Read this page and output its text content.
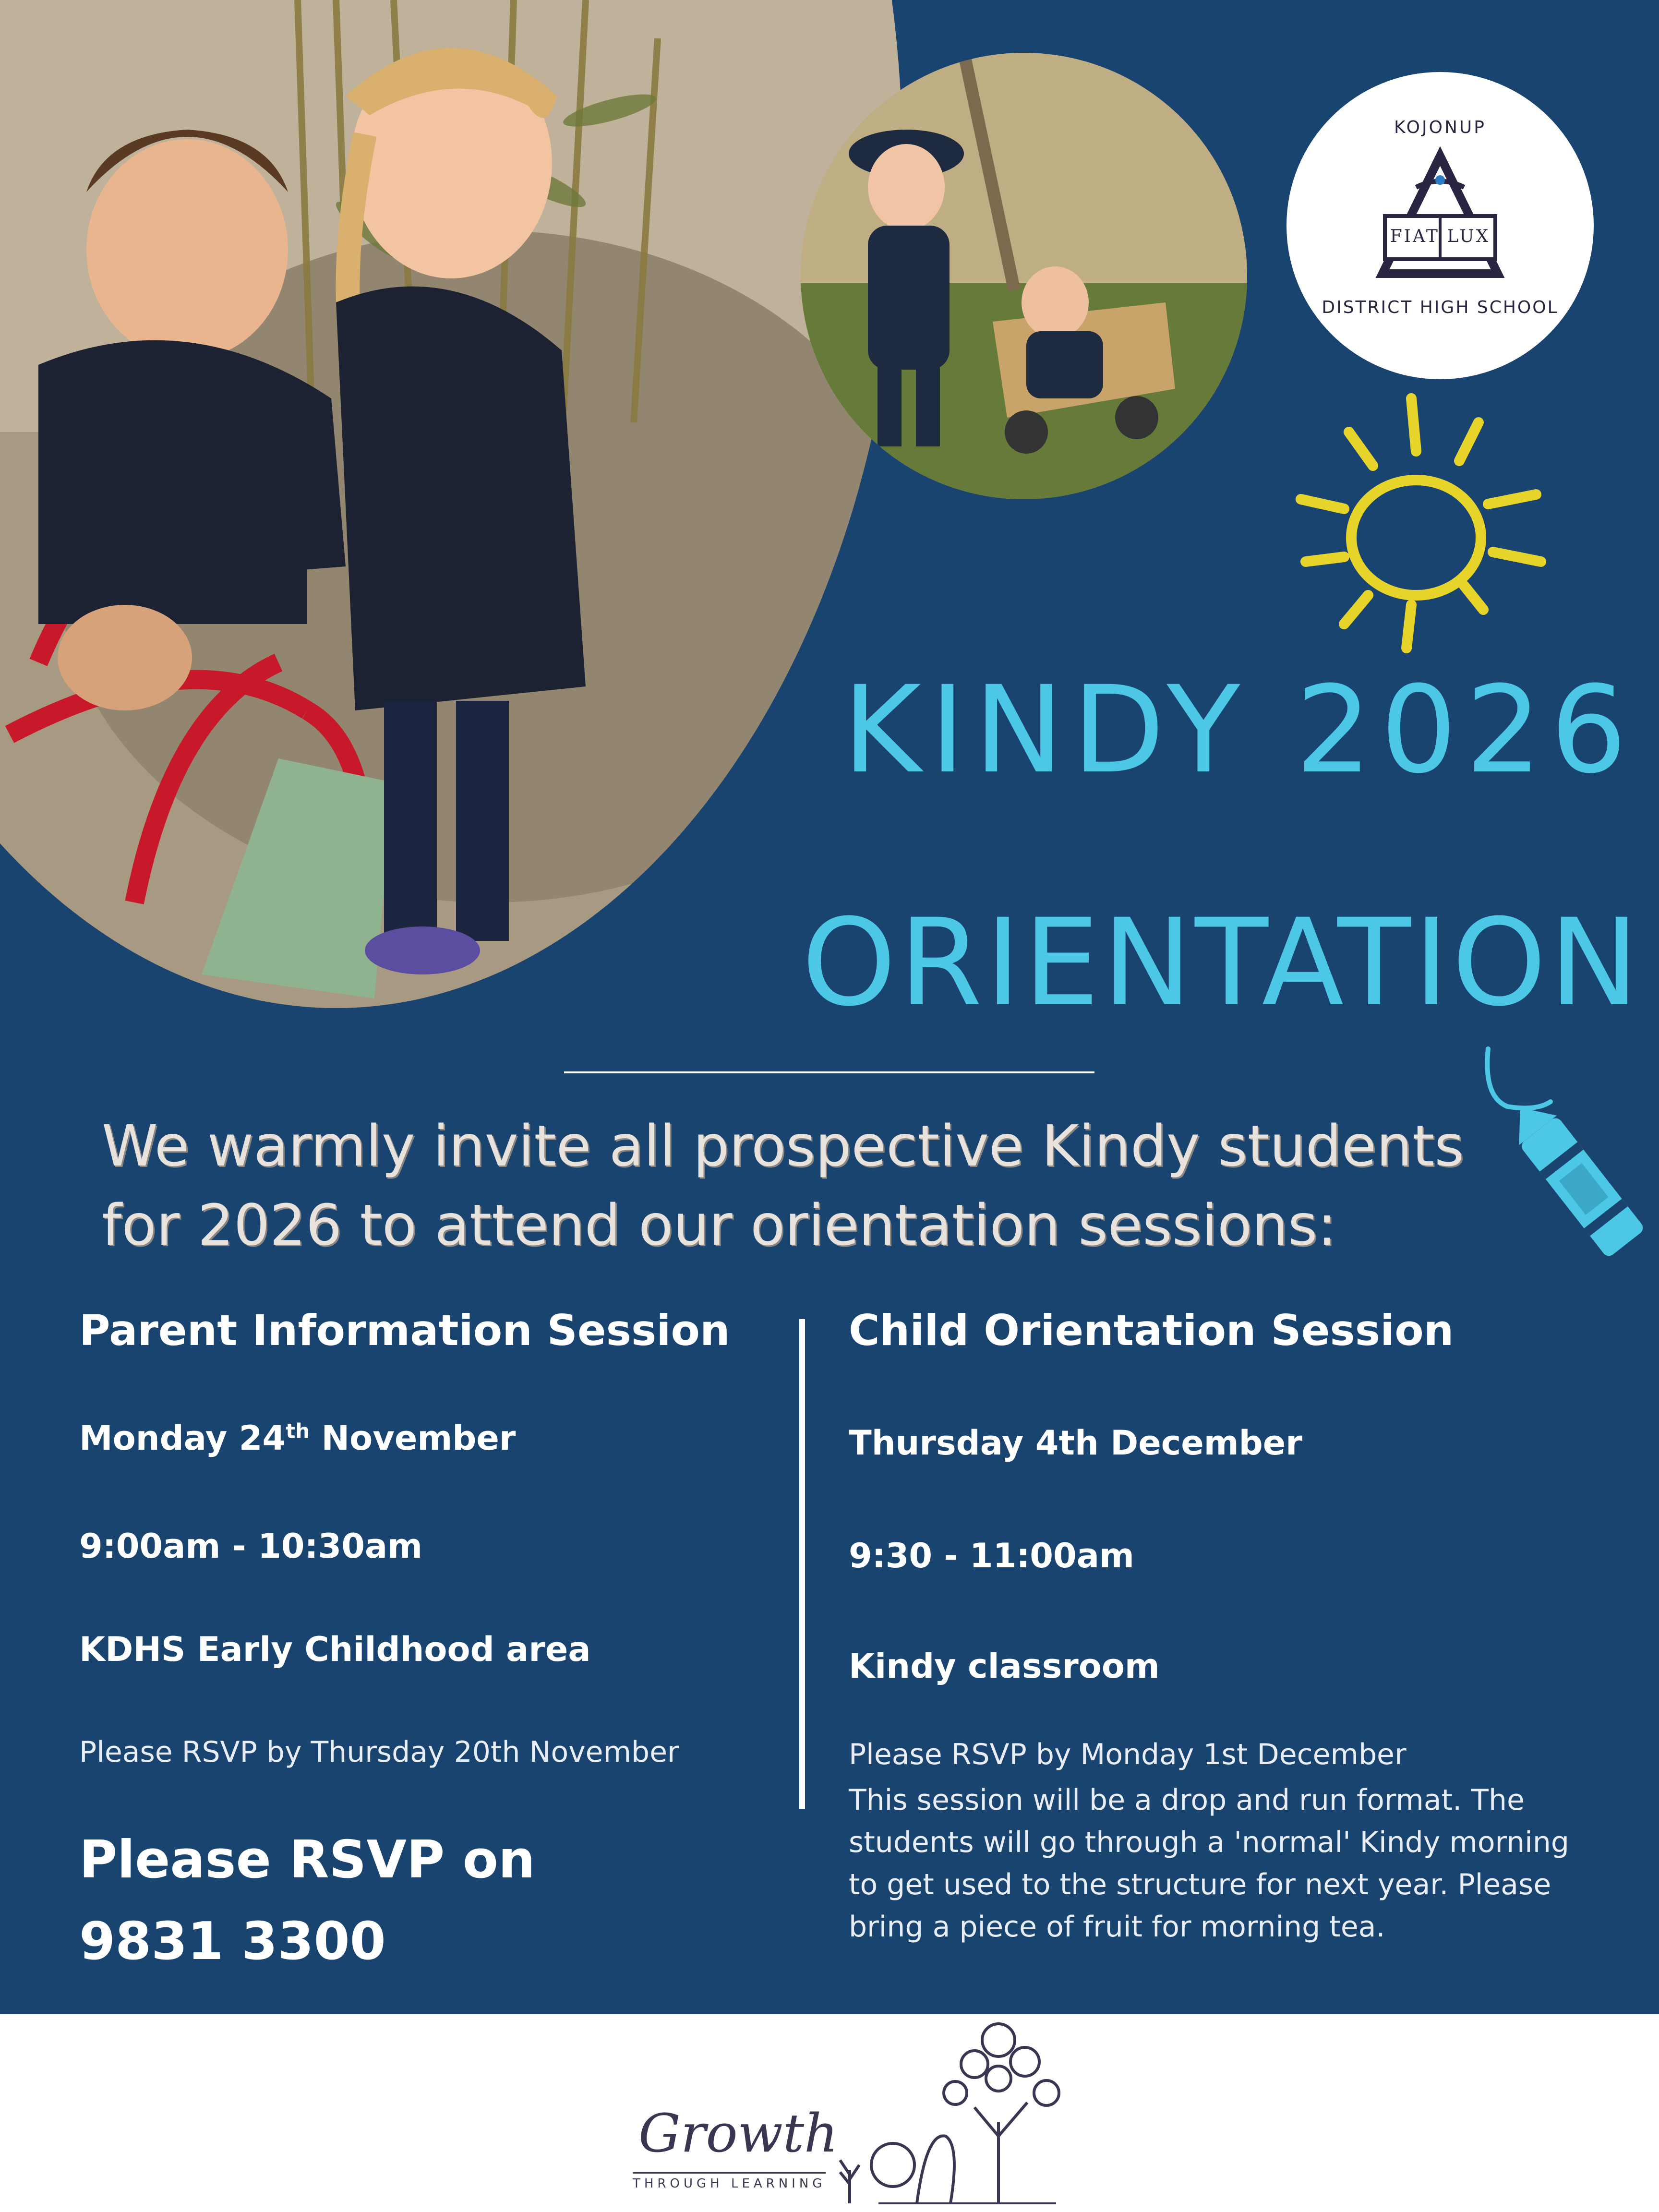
KOJONUP
FIAT LUX
DISTRICT HIGH SCHOOL
KINDY 2026
ORIENTATION
We warmly invite all prospective Kindy students
for 2026 to attend our orientation sessions:
Parent Information Session
Monday 24th November
9:00am - 10:30am
KDHS Early Childhood area
Please RSVP by Thursday 20th November
Child Orientation Session
Thursday 4th December
9:30 - 11:00am
Kindy classroom
Please RSVP by Monday 1st December
This session will be a drop and run format. The students will go through a 'normal' Kindy morning to get used to the structure for next year. Please bring a piece of fruit for morning tea.
Please RSVP on
9831 3300
Growth
THROUGH LEARNING
